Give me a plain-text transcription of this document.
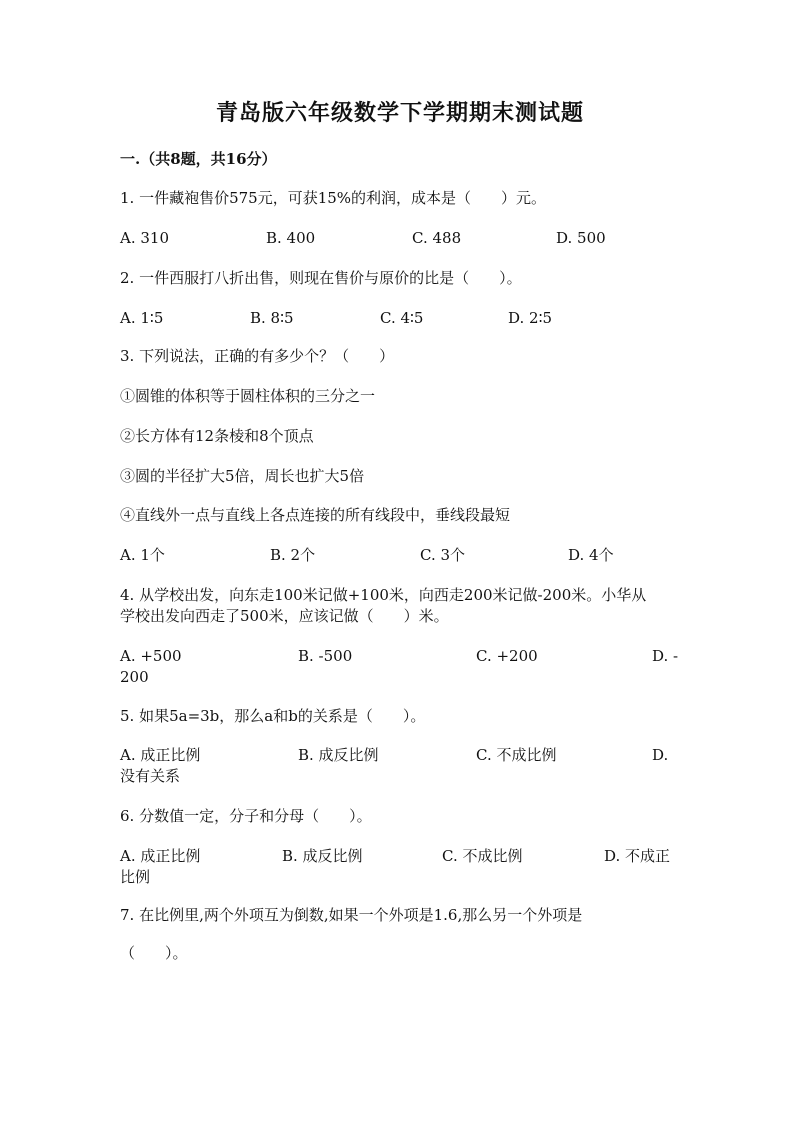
青岛版六年级数学下学期期末测试题
一.（共8题，共16分）
1. 一件藏袍售价575元，可获15%的利润，成本是（　　）元。
A. 310	B. 400	C. 488	D. 500
2. 一件西服打八折出售，则现在售价与原价的比是（　　）。
A. 1∶5	B. 8∶5	C. 4∶5	D. 2∶5
3. 下列说法，正确的有多少个？（　　）
①圆锥的体积等于圆柱体积的三分之一
②长方体有12条棱和8个顶点
③圆的半径扩大5倍，周长也扩大5倍
④直线外一点与直线上各点连接的所有线段中，垂线段最短
A. 1个	B. 2个	C. 3个	D. 4个
4. 从学校出发，向东走100米记做+100米，向西走200米记做-200米。小华从
学校出发向西走了500米，应该记做（　　）米。
A. +500	B. -500	C. +200	D. -
200
5. 如果5a=3b，那么a和b的关系是（　　）。
A. 成正比例	B. 成反比例	C. 不成比例	D.
没有关系
6. 分数值一定，分子和分母（　　）。
A. 成正比例	B. 成反比例	C. 不成比例	D. 不成正
比例
7. 在比例里,两个外项互为倒数,如果一个外项是1.6,那么另一个外项是
（　　）。
